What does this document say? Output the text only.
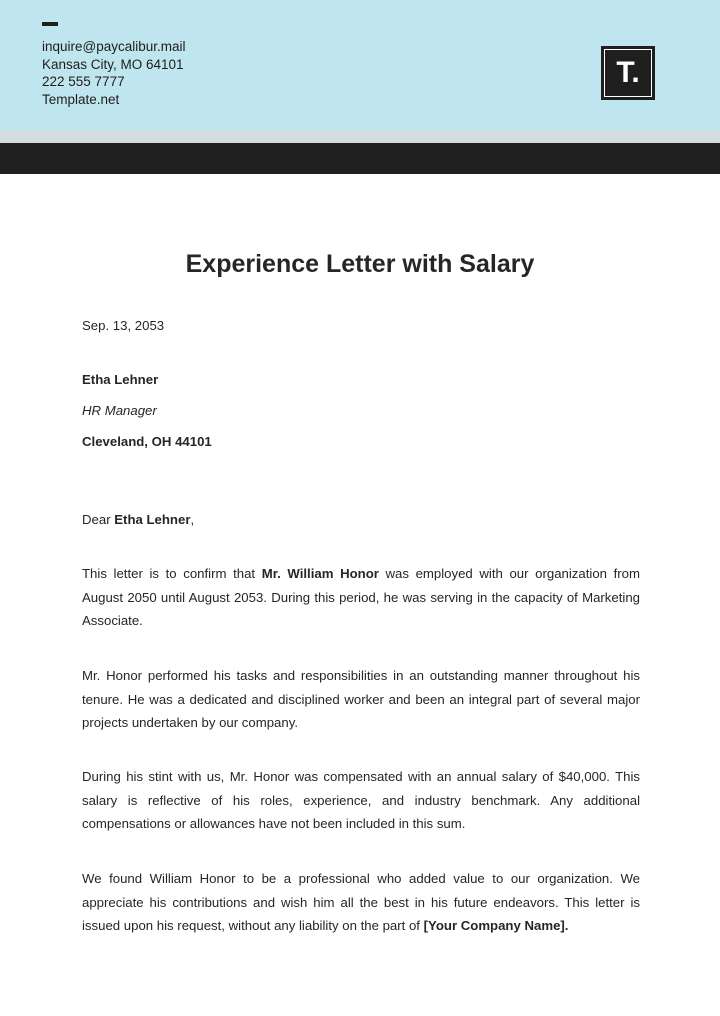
inquire@paycalibur.mail
Kansas City, MO 64101
222 555 7777
Template.net
T.
Experience Letter with Salary
Sep. 13, 2053
Etha Lehner
HR Manager
Cleveland, OH 44101
Dear Etha Lehner,
This letter is to confirm that Mr. William Honor was employed with our organization from August 2050 until August 2053. During this period, he was serving in the capacity of Marketing Associate.
Mr. Honor performed his tasks and responsibilities in an outstanding manner throughout his tenure. He was a dedicated and disciplined worker and been an integral part of several major projects undertaken by our company.
During his stint with us, Mr. Honor was compensated with an annual salary of $40,000. This salary is reflective of his roles, experience, and industry benchmark. Any additional compensations or allowances have not been included in this sum.
We found William Honor to be a professional who added value to our organization. We appreciate his contributions and wish him all the best in his future endeavors. This letter is issued upon his request, without any liability on the part of [Your Company Name].
